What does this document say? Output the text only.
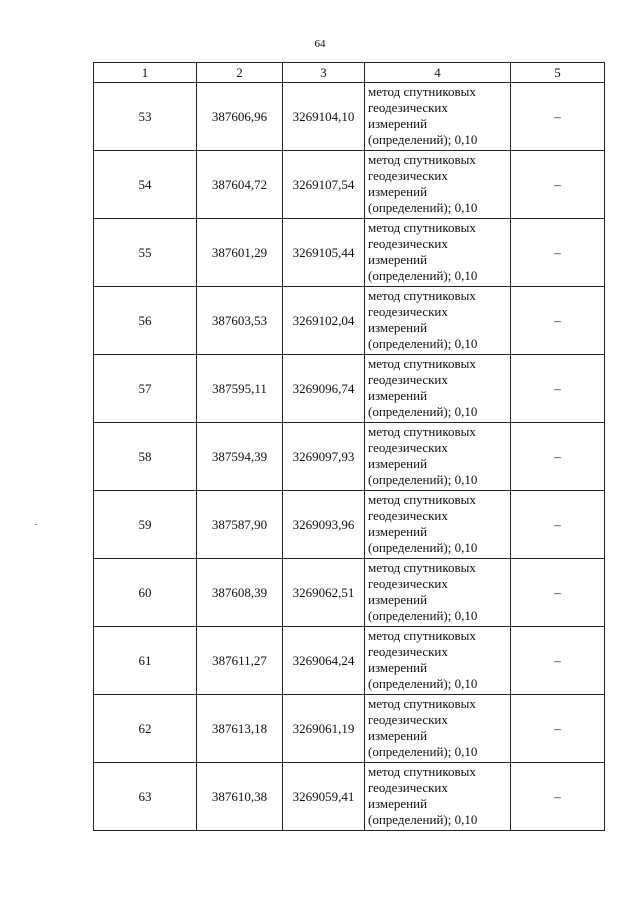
64
1	2	3	4	5
53	387606,96	3269104,10	метод спутниковых
геодезических
измерений
(определений); 0,10	–
54	387604,72	3269107,54	метод спутниковых
геодезических
измерений
(определений); 0,10	–
55	387601,29	3269105,44	метод спутниковых
геодезических
измерений
(определений); 0,10	–
56	387603,53	3269102,04	метод спутниковых
геодезических
измерений
(определений); 0,10	–
57	387595,11	3269096,74	метод спутниковых
геодезических
измерений
(определений); 0,10	–
58	387594,39	3269097,93	метод спутниковых
геодезических
измерений
(определений); 0,10	–
59	387587,90	3269093,96	метод спутниковых
геодезических
измерений
(определений); 0,10	–
60	387608,39	3269062,51	метод спутниковых
геодезических
измерений
(определений); 0,10	–
61	387611,27	3269064,24	метод спутниковых
геодезических
измерений
(определений); 0,10	–
62	387613,18	3269061,19	метод спутниковых
геодезических
измерений
(определений); 0,10	–
63	387610,38	3269059,41	метод спутниковых
геодезических
измерений
(определений); 0,10	–
